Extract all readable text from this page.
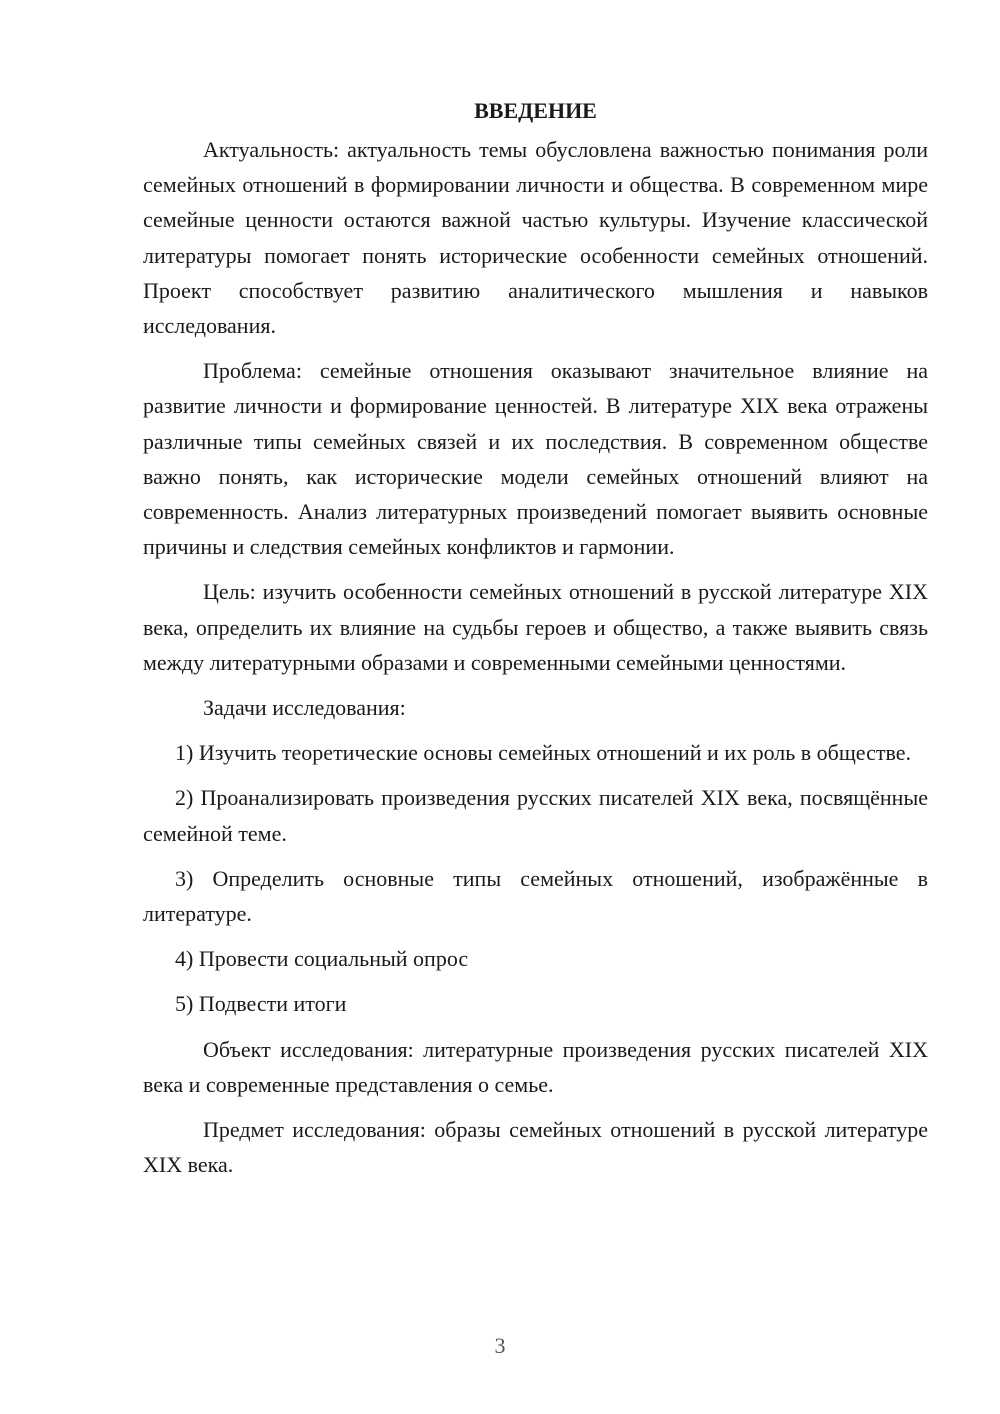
ВВЕДЕНИЕ

Актуальность: актуальность темы обусловлена важностью понимания роли семейных отношений в формировании личности и общества. В современном мире семейные ценности остаются важной частью культуры. Изучение классической литературы помогает понять исторические особенности семейных отношений. Проект способствует развитию аналитического мышления и навыков исследования.

Проблема: семейные отношения оказывают значительное влияние на развитие личности и формирование ценностей. В литературе XIX века отражены различные типы семейных связей и их последствия. В современном обществе важно понять, как исторические модели семейных отношений влияют на современность. Анализ литературных произведений помогает выявить основные причины и следствия семейных конфликтов и гармонии.

Цель: изучить особенности семейных отношений в русской литературе XIX века, определить их влияние на судьбы героев и общество, а также выявить связь между литературными образами и современными семейными ценностями.

Задачи исследования:

1) Изучить теоретические основы семейных отношений и их роль в обществе.

2) Проанализировать произведения русских писателей XIX века, посвящённые семейной теме.

3) Определить основные типы семейных отношений, изображённые в литературе.

4) Провести социальный опрос

5) Подвести итоги

Объект исследования: литературные произведения русских писателей XIX века и современные представления о семье.

Предмет исследования: образы семейных отношений в русской литературе XIX века.

3
